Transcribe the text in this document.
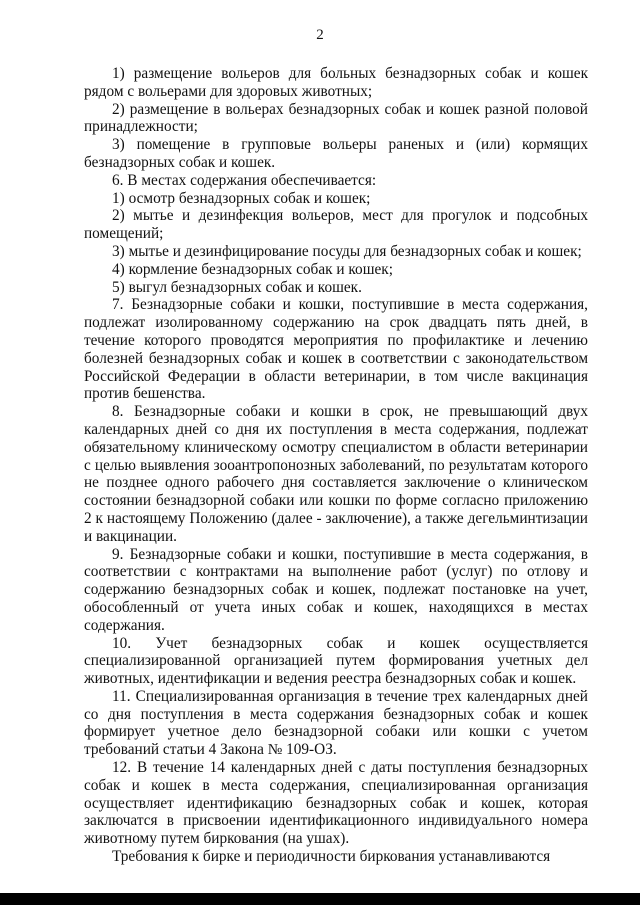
2

1) размещение вольеров для больных безнадзорных собак и кошек рядом с вольерами для здоровых животных;

2) размещение в вольерах безнадзорных собак и кошек разной половой принадлежности;

3) помещение в групповые вольеры раненых и (или) кормящих безнадзорных собак и кошек.

6. В местах содержания обеспечивается:

1) осмотр безнадзорных собак и кошек;

2) мытье и дезинфекция вольеров, мест для прогулок и подсобных помещений;

3) мытье и дезинфицирование посуды для безнадзорных собак и кошек;

4) кормление безнадзорных собак и кошек;

5) выгул безнадзорных собак и кошек.

7. Безнадзорные собаки и кошки, поступившие в места содержания, подлежат изолированному содержанию на срок двадцать пять дней, в течение которого проводятся мероприятия по профилактике и лечению болезней безнадзорных собак и кошек в соответствии с законодательством Российской Федерации в области ветеринарии, в том числе вакцинация против бешенства.

8. Безнадзорные собаки и кошки в срок, не превышающий двух календарных дней со дня их поступления в места содержания, подлежат обязательному клиническому осмотру специалистом в области ветеринарии с целью выявления зооантропонозных заболеваний, по результатам которого не позднее одного рабочего дня составляется заключение о клиническом состоянии безнадзорной собаки или кошки по форме согласно приложению 2 к настоящему Положению (далее - заключение), а также дегельминтизации и вакцинации.

9. Безнадзорные собаки и кошки, поступившие в места содержания, в соответствии с контрактами на выполнение работ (услуг) по отлову и содержанию безнадзорных собак и кошек, подлежат постановке на учет, обособленный от учета иных собак и кошек, находящихся в местах содержания.

10. Учет безнадзорных собак и кошек осуществляется специализированной организацией путем формирования учетных дел животных, идентификации и ведения реестра безнадзорных собак и кошек.

11. Специализированная организация в течение трех календарных дней со дня поступления в места содержания безнадзорных собак и кошек формирует учетное дело безнадзорной собаки или кошки с учетом требований статьи 4 Закона № 109-ОЗ.

12. В течение 14 календарных дней с даты поступления безнадзорных собак и кошек в места содержания, специализированная организация осуществляет идентификацию безнадзорных собак и кошек, которая заключатся в присвоении идентификационного индивидуального номера животному путем биркования (на ушах).

Требования к бирке и периодичности биркования устанавливаются
